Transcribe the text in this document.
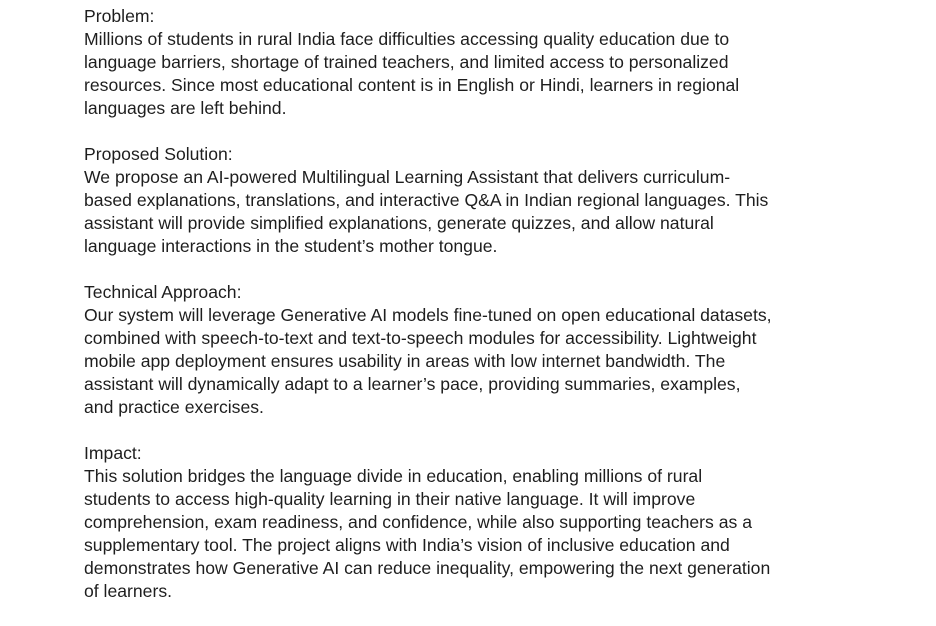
Problem:

Millions of students in rural India face difficulties accessing quality education due to

language barriers, shortage of trained teachers, and limited access to personalized

resources. Since most educational content is in English or Hindi, learners in regional

languages are left behind.

Proposed Solution:

We propose an AI-powered Multilingual Learning Assistant that delivers curriculum-

based explanations, translations, and interactive Q&A in Indian regional languages. This

assistant will provide simplified explanations, generate quizzes, and allow natural

language interactions in the student’s mother tongue.

Technical Approach:

Our system will leverage Generative AI models fine-tuned on open educational datasets,

combined with speech-to-text and text-to-speech modules for accessibility. Lightweight

mobile app deployment ensures usability in areas with low internet bandwidth. The

assistant will dynamically adapt to a learner’s pace, providing summaries, examples,

and practice exercises.

Impact:

This solution bridges the language divide in education, enabling millions of rural

students to access high-quality learning in their native language. It will improve

comprehension, exam readiness, and confidence, while also supporting teachers as a

supplementary tool. The project aligns with India’s vision of inclusive education and

demonstrates how Generative AI can reduce inequality, empowering the next generation

of learners.
